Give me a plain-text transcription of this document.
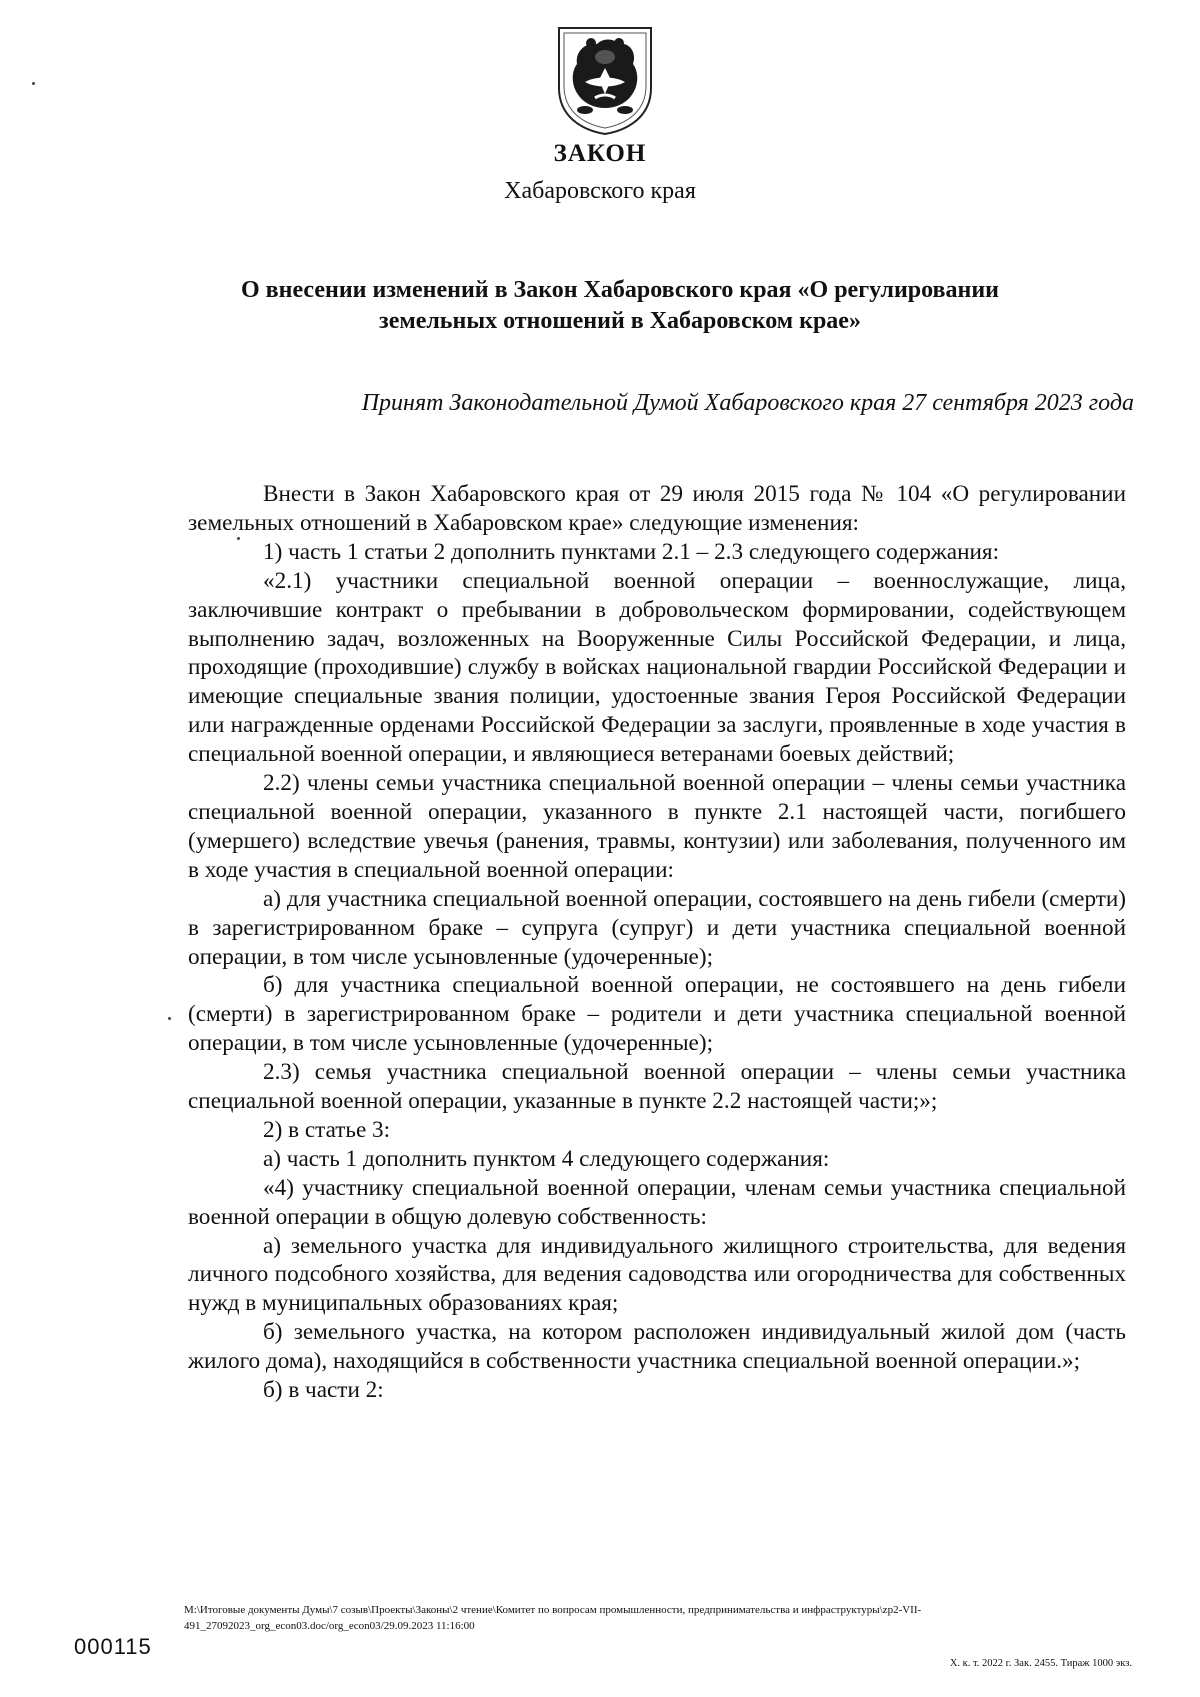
ЗАКОН
Хабаровского края
О внесении изменений в Закон Хабаровского края «О регулировании
земельных отношений в Хабаровском крае»
Принят Законодательной Думой Хабаровского края 27 сентября 2023 года

Внести в Закон Хабаровского края от 29 июля 2015 года № 104 «О регулировании земельных отношений в Хабаровском крае» следующие изменения:

1) часть 1 статьи 2 дополнить пунктами 2.1 – 2.3 следующего содержания:

«2.1) участники специальной военной операции – военнослужащие, лица, заключившие контракт о пребывании в добровольческом формировании, содействующем выполнению задач, возложенных на Вооруженные Силы Российской Федерации, и лица, проходящие (проходившие) службу в войсках национальной гвардии Российской Федерации и имеющие специальные звания полиции, удостоенные звания Героя Российской Федерации или награжденные орденами Российской Федерации за заслуги, проявленные в ходе участия в специальной военной операции, и являющиеся ветеранами боевых действий;

2.2) члены семьи участника специальной военной операции – члены семьи участника специальной военной операции, указанного в пункте 2.1 настоящей части, погибшего (умершего) вследствие увечья (ранения, травмы, контузии) или заболевания, полученного им в ходе участия в специальной военной операции:

а) для участника специальной военной операции, состоявшего на день гибели (смерти) в зарегистрированном браке – супруга (супруг) и дети участника специальной военной операции, в том числе усыновленные (удочеренные);

б) для участника специальной военной операции, не состоявшего на день гибели (смерти) в зарегистрированном браке – родители и дети участника специальной военной операции, в том числе усыновленные (удочеренные);

2.3) семья участника специальной военной операции – члены семьи участника специальной военной операции, указанные в пункте 2.2 настоящей части;»;

2) в статье 3:

а) часть 1 дополнить пунктом 4 следующего содержания:

«4) участнику специальной военной операции, членам семьи участника специальной военной операции в общую долевую собственность:

а) земельного участка для индивидуального жилищного строительства, для ведения личного подсобного хозяйства, для ведения садоводства или огородничества для собственных нужд в муниципальных образованиях края;

б) земельного участка, на котором расположен индивидуальный жилой дом (часть жилого дома), находящийся в собственности участника специальной военной операции.»;

б) в части 2:

M:\Итоговые документы Думы\7 созыв\Проекты\Законы\2 чтение\Комитет по вопросам промышленности, предпринимательства и инфраструктуры\zp2-VII-491_27092023_org_econ03.doc/org_econ03/29.09.2023 11:16:00
000115
Х. к. т. 2022 г. Зак. 2455. Тираж 1000 экз.
